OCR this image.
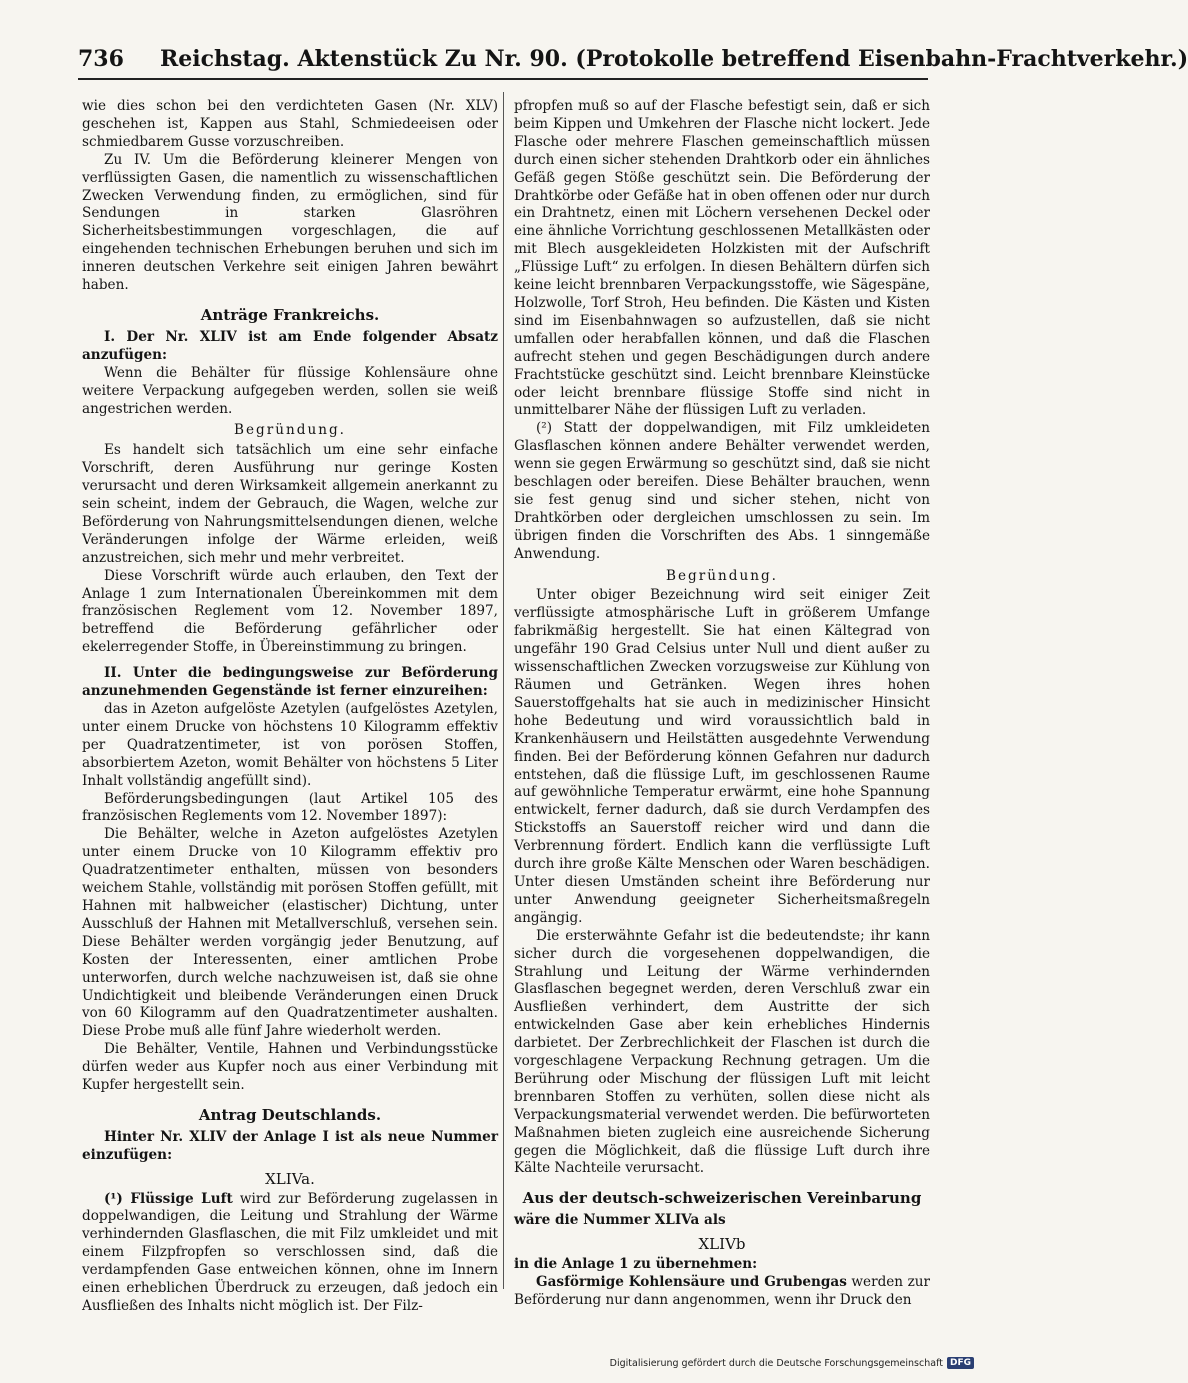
736 Reichstag. Aktenstück Zu Nr. 90. (Protokolle betreffend Eisenbahn-Frachtverkehr.)

wie dies schon bei den verdichteten Gasen (Nr. XLV) geschehen ist, Kappen aus Stahl, Schmiedeeisen oder schmiedbarem Gusse vorzuschreiben.

Zu IV. Um die Beförderung kleinerer Mengen von verflüssigten Gasen, die namentlich zu wissenschaftlichen Zwecken Verwendung finden, zu ermöglichen, sind für Sendungen in starken Glasröhren Sicherheitsbestimmungen vorgeschlagen, die auf eingehenden technischen Erhebungen beruhen und sich im inneren deutschen Verkehre seit einigen Jahren bewährt haben.

Anträge Frankreichs.

I. Der Nr. XLIV ist am Ende folgender Absatz anzufügen:

Wenn die Behälter für flüssige Kohlensäure ohne weitere Verpackung aufgegeben werden, sollen sie weiß angestrichen werden.

Begründung.

Es handelt sich tatsächlich um eine sehr einfache Vorschrift, deren Ausführung nur geringe Kosten verursacht und deren Wirksamkeit allgemein anerkannt zu sein scheint, indem der Gebrauch, die Wagen, welche zur Beförderung von Nahrungsmittelsendungen dienen, welche Veränderungen infolge der Wärme erleiden, weiß anzustreichen, sich mehr und mehr verbreitet.

Diese Vorschrift würde auch erlauben, den Text der Anlage 1 zum Internationalen Übereinkommen mit dem französischen Reglement vom 12. November 1897, betreffend die Beförderung gefährlicher oder ekelerregender Stoffe, in Übereinstimmung zu bringen.

II. Unter die bedingungsweise zur Beförderung anzunehmenden Gegenstände ist ferner einzureihen:

das in Azeton aufgelöste Azetylen (aufgelöstes Azetylen, unter einem Drucke von höchstens 10 Kilogramm effektiv per Quadratzentimeter, ist von porösen Stoffen, absorbiertem Azeton, womit Behälter von höchstens 5 Liter Inhalt vollständig angefüllt sind).

Beförderungsbedingungen (laut Artikel 105 des französischen Reglements vom 12. November 1897):

Die Behälter, welche in Azeton aufgelöstes Azetylen unter einem Drucke von 10 Kilogramm effektiv pro Quadratzentimeter enthalten, müssen von besonders weichem Stahle, vollständig mit porösen Stoffen gefüllt, mit Hahnen mit halbweicher (elastischer) Dichtung, unter Ausschluß der Hahnen mit Metallverschluß, versehen sein. Diese Behälter werden vorgängig jeder Benutzung, auf Kosten der Interessenten, einer amtlichen Probe unterworfen, durch welche nachzuweisen ist, daß sie ohne Undichtigkeit und bleibende Veränderungen einen Druck von 60 Kilogramm auf den Quadratzentimeter aushalten. Diese Probe muß alle fünf Jahre wiederholt werden.

Die Behälter, Ventile, Hahnen und Verbindungsstücke dürfen weder aus Kupfer noch aus einer Verbindung mit Kupfer hergestellt sein.

Antrag Deutschlands.

Hinter Nr. XLIV der Anlage I ist als neue Nummer einzufügen:

XLIVa.

(¹) Flüssige Luft wird zur Beförderung zugelassen in doppelwandigen, die Leitung und Strahlung der Wärme verhindernden Glasflaschen, die mit Filz umkleidet und mit einem Filzpfropfen so verschlossen sind, daß die verdampfenden Gase entweichen können, ohne im Innern einen erheblichen Überdruck zu erzeugen, daß jedoch ein Ausfließen des Inhalts nicht möglich ist. Der Filz-

pfropfen muß so auf der Flasche befestigt sein, daß er sich beim Kippen und Umkehren der Flasche nicht lockert. Jede Flasche oder mehrere Flaschen gemeinschaftlich müssen durch einen sicher stehenden Drahtkorb oder ein ähnliches Gefäß gegen Stöße geschützt sein. Die Beförderung der Drahtkörbe oder Gefäße hat in oben offenen oder nur durch ein Drahtnetz, einen mit Löchern versehenen Deckel oder eine ähnliche Vorrichtung geschlossenen Metallkästen oder mit Blech ausgekleideten Holzkisten mit der Aufschrift „Flüssige Luft“ zu erfolgen. In diesen Behältern dürfen sich keine leicht brennbaren Verpackungsstoffe, wie Sägespäne, Holzwolle, Torf Stroh, Heu befinden. Die Kästen und Kisten sind im Eisenbahnwagen so aufzustellen, daß sie nicht umfallen oder herabfallen können, und daß die Flaschen aufrecht stehen und gegen Beschädigungen durch andere Frachtstücke geschützt sind. Leicht brennbare Kleinstücke oder leicht brennbare flüssige Stoffe sind nicht in unmittelbarer Nähe der flüssigen Luft zu verladen.

(²) Statt der doppelwandigen, mit Filz umkleideten Glasflaschen können andere Behälter verwendet werden, wenn sie gegen Erwärmung so geschützt sind, daß sie nicht beschlagen oder bereifen. Diese Behälter brauchen, wenn sie fest genug sind und sicher stehen, nicht von Drahtkörben oder dergleichen umschlossen zu sein. Im übrigen finden die Vorschriften des Abs. 1 sinngemäße Anwendung.

Begründung.

Unter obiger Bezeichnung wird seit einiger Zeit verflüssigte atmosphärische Luft in größerem Umfange fabrikmäßig hergestellt. Sie hat einen Kältegrad von ungefähr 190 Grad Celsius unter Null und dient außer zu wissenschaftlichen Zwecken vorzugsweise zur Kühlung von Räumen und Getränken. Wegen ihres hohen Sauerstoffgehalts hat sie auch in medizinischer Hinsicht hohe Bedeutung und wird voraussichtlich bald in Krankenhäusern und Heilstätten ausgedehnte Verwendung finden. Bei der Beförderung können Gefahren nur dadurch entstehen, daß die flüssige Luft, im geschlossenen Raume auf gewöhnliche Temperatur erwärmt, eine hohe Spannung entwickelt, ferner dadurch, daß sie durch Verdampfen des Stickstoffs an Sauerstoff reicher wird und dann die Verbrennung fördert. Endlich kann die verflüssigte Luft durch ihre große Kälte Menschen oder Waren beschädigen. Unter diesen Umständen scheint ihre Beförderung nur unter Anwendung geeigneter Sicherheitsmaßregeln angängig.

Die ersterwähnte Gefahr ist die bedeutendste; ihr kann sicher durch die vorgesehenen doppelwandigen, die Strahlung und Leitung der Wärme verhindernden Glasflaschen begegnet werden, deren Verschluß zwar ein Ausfließen verhindert, dem Austritte der sich entwickelnden Gase aber kein erhebliches Hindernis darbietet. Der Zerbrechlichkeit der Flaschen ist durch die vorgeschlagene Verpackung Rechnung getragen. Um die Berührung oder Mischung der flüssigen Luft mit leicht brennbaren Stoffen zu verhüten, sollen diese nicht als Verpackungsmaterial verwendet werden. Die befürworteten Maßnahmen bieten zugleich eine ausreichende Sicherung gegen die Möglichkeit, daß die flüssige Luft durch ihre Kälte Nachteile verursacht.

Aus der deutsch-schweizerischen Vereinbarung

wäre die Nummer XLIVa als

XLIVb

in die Anlage 1 zu übernehmen:

Gasförmige Kohlensäure und Grubengas werden zur Beförderung nur dann angenommen, wenn ihr Druck den

Digitalisierung gefördert durch die Deutsche Forschungsgemeinschaft DFG
